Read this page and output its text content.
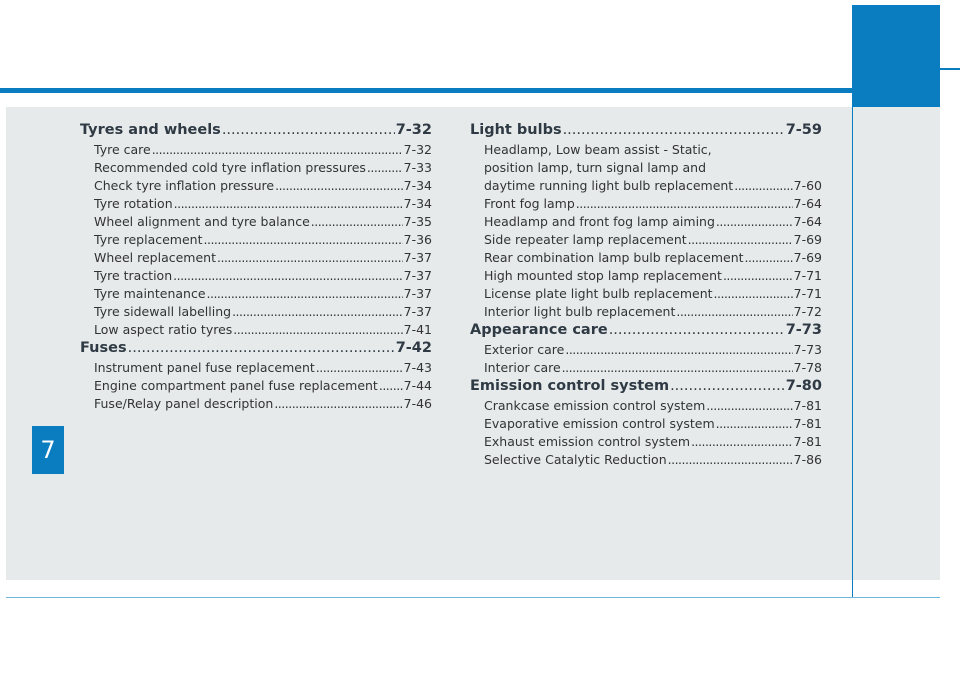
7
Tyres and wheels .....	7-32
Tyre care .....	7-32
Recommended cold tyre inflation pressures .....	7-33
Check tyre inflation pressure .....	7-34
Tyre rotation .....	7-34
Wheel alignment and tyre balance .....	7-35
Tyre replacement .....	7-36
Wheel replacement .....	7-37
Tyre traction .....	7-37
Tyre maintenance .....	7-37
Tyre sidewall labelling .....	7-37
Low aspect ratio tyres .....	7-41
Fuses .....	7-42
Instrument panel fuse replacement .....	7-43
Engine compartment panel fuse replacement ..... 7-44
Fuse/Relay panel description .....	7-46
Light bulbs .....	7-59
Headlamp, Low beam assist - Static,
position lamp, turn signal lamp and
daytime running light bulb replacement .....	7-60
Front fog lamp .....	7-64
Headlamp and front fog lamp aiming .....	7-64
Side repeater lamp replacement .....	7-69
Rear combination lamp bulb replacement .....	7-69
High mounted stop lamp replacement .....	7-71
License plate light bulb replacement .....	7-71
Interior light bulb replacement .....	7-72
Appearance care .....	7-73
Exterior care .....	7-73
Interior care .....	7-78
Emission control system .....	7-80
Crankcase emission control system .....	7-81
Evaporative emission control system .....	7-81
Exhaust emission control system .....	7-81
Selective Catalytic Reduction .....	7-86
